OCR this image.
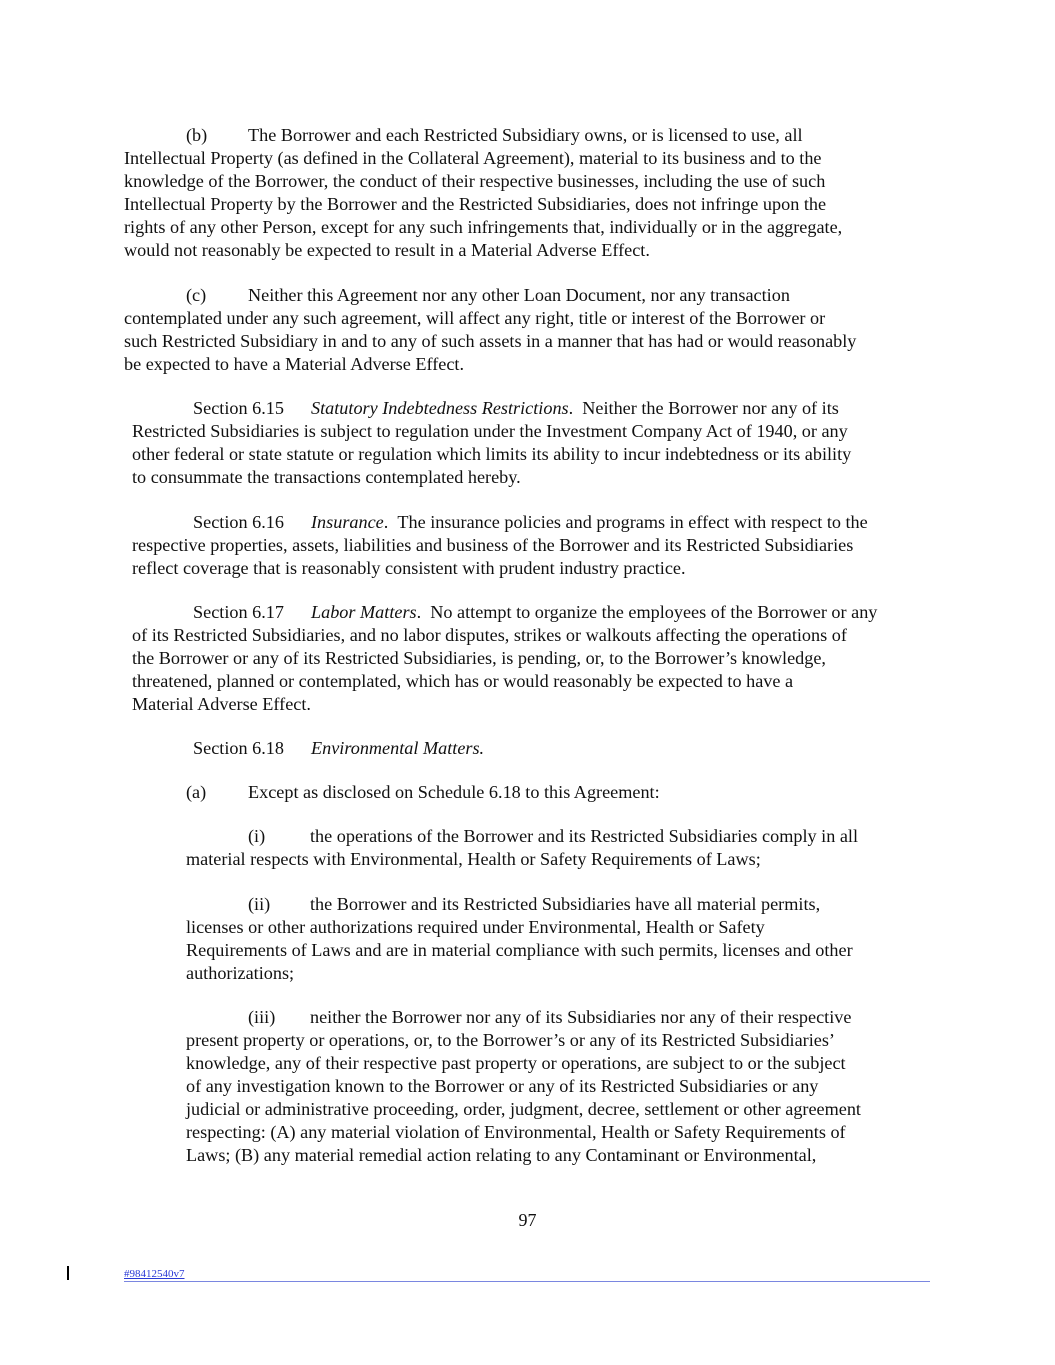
(b) The Borrower and each Restricted Subsidiary owns, or is licensed to use, all
Intellectual Property (as defined in the Collateral Agreement), material to its business and to the
knowledge of the Borrower, the conduct of their respective businesses, including the use of such
Intellectual Property by the Borrower and the Restricted Subsidiaries, does not infringe upon the
rights of any other Person, except for any such infringements that, individually or in the aggregate,
would not reasonably be expected to result in a Material Adverse Effect.
(c) Neither this Agreement nor any other Loan Document, nor any transaction
contemplated under any such agreement, will affect any right, title or interest of the Borrower or
such Restricted Subsidiary in and to any of such assets in a manner that has had or would reasonably
be expected to have a Material Adverse Effect.
Section 6.15 Statutory Indebtedness Restrictions.  Neither the Borrower nor any of its
Restricted Subsidiaries is subject to regulation under the Investment Company Act of 1940, or any
other federal or state statute or regulation which limits its ability to incur indebtedness or its ability
to consummate the transactions contemplated hereby.
Section 6.16 Insurance.  The insurance policies and programs in effect with respect to the
respective properties, assets, liabilities and business of the Borrower and its Restricted Subsidiaries
reflect coverage that is reasonably consistent with prudent industry practice.
Section 6.17 Labor Matters.  No attempt to organize the employees of the Borrower or any
of its Restricted Subsidiaries, and no labor disputes, strikes or walkouts affecting the operations of
the Borrower or any of its Restricted Subsidiaries, is pending, or, to the Borrower’s knowledge,
threatened, planned or contemplated, which has or would reasonably be expected to have a
Material Adverse Effect.
Section 6.18 Environmental Matters.
(a) Except as disclosed on Schedule 6.18 to this Agreement:
(i) the operations of the Borrower and its Restricted Subsidiaries comply in all
material respects with Environmental, Health or Safety Requirements of Laws;
(ii) the Borrower and its Restricted Subsidiaries have all material permits,
licenses or other authorizations required under Environmental, Health or Safety
Requirements of Laws and are in material compliance with such permits, licenses and other
authorizations;
(iii) neither the Borrower nor any of its Subsidiaries nor any of their respective
present property or operations, or, to the Borrower’s or any of its Restricted Subsidiaries’
knowledge, any of their respective past property or operations, are subject to or the subject
of any investigation known to the Borrower or any of its Restricted Subsidiaries or any
judicial or administrative proceeding, order, judgment, decree, settlement or other agreement
respecting: (A) any material violation of Environmental, Health or Safety Requirements of
Laws; (B) any material remedial action relating to any Contaminant or Environmental,
97
#98412540v7
